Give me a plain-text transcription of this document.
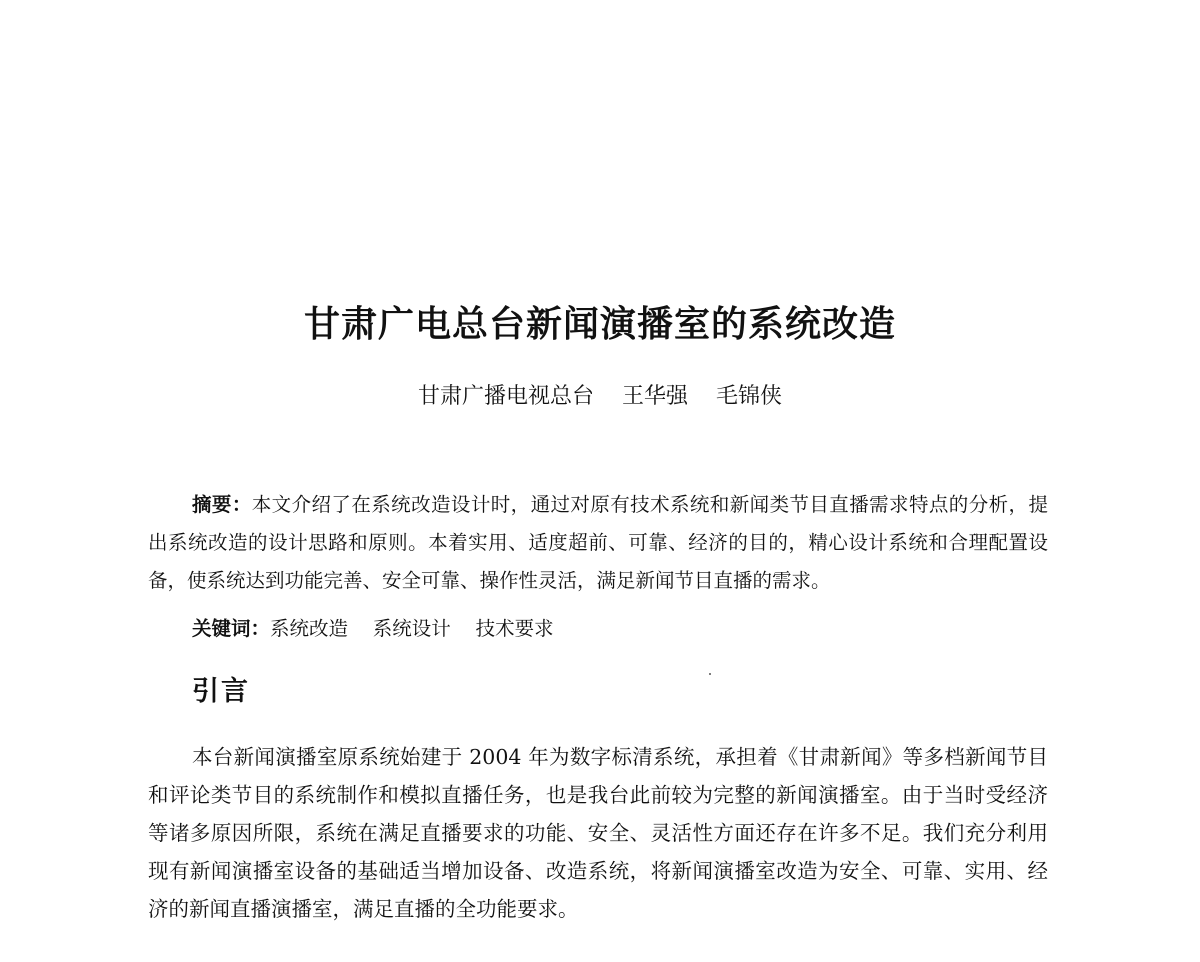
甘肃广电总台新闻演播室的系统改造
甘肃广播电视总台    王华强    毛锦侠
摘要：本文介绍了在系统改造设计时，通过对原有技术系统和新闻类节目直播需求特点的分析，提出系统改造的设计思路和原则。本着实用、适度超前、可靠、经济的目的，精心设计系统和合理配置设备，使系统达到功能完善、安全可靠、操作性灵活，满足新闻节目直播的需求。
关键词：系统改造    系统设计    技术要求
引言
本台新闻演播室原系统始建于 2004 年为数字标清系统，承担着《甘肃新闻》等多档新闻节目和评论类节目的系统制作和模拟直播任务，也是我台此前较为完整的新闻演播室。由于当时受经济等诸多原因所限，系统在满足直播要求的功能、安全、灵活性方面还存在许多不足。我们充分利用现有新闻演播室设备的基础适当增加设备、改造系统，将新闻演播室改造为安全、可靠、实用、经济的新闻直播演播室，满足直播的全功能要求。
